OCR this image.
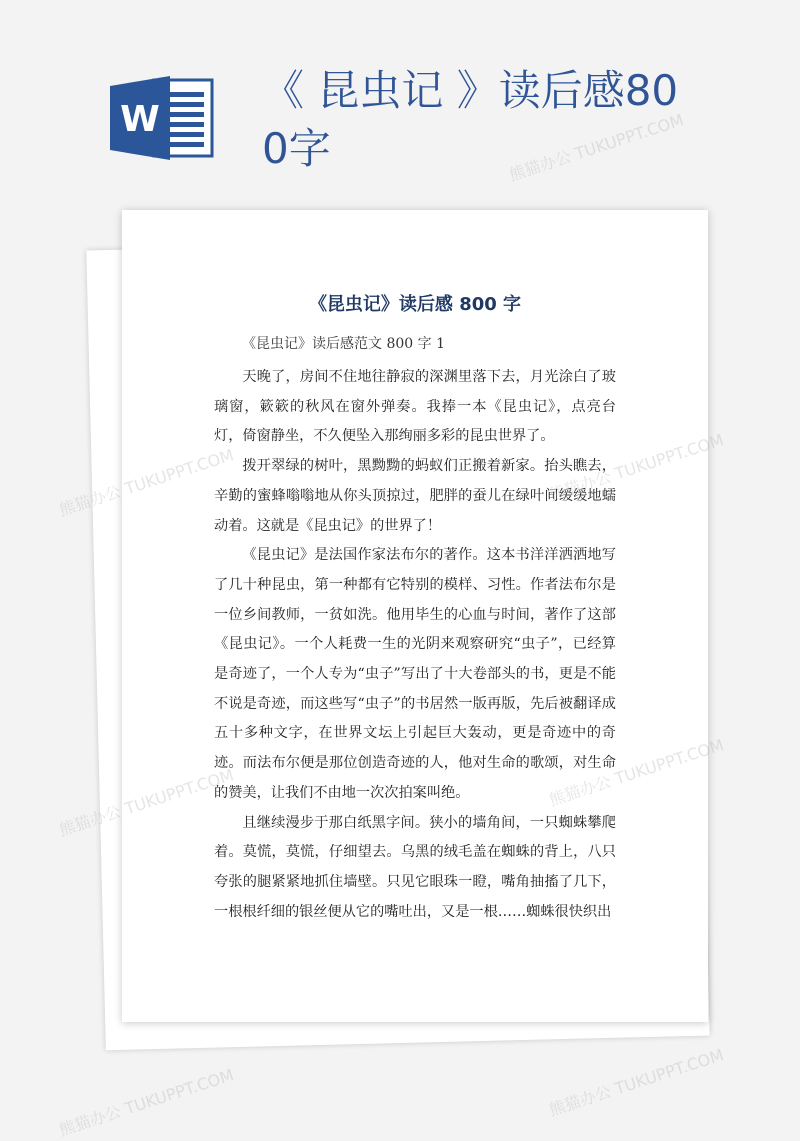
W
《 昆虫记 》读后感800字
《昆虫记》读后感 800 字
《昆虫记》读后感范文 800 字 1

天晚了，房间不住地往静寂的深渊里落下去，月光涂白了玻璃窗，簌簌的秋风在窗外弹奏。我捧一本《昆虫记》，点亮台灯，倚窗静坐，不久便坠入那绚丽多彩的昆虫世界了。

拨开翠绿的树叶，黑黝黝的蚂蚁们正搬着新家。抬头瞧去，辛勤的蜜蜂嗡嗡地从你头顶掠过，肥胖的蚕儿在绿叶间缓缓地蠕动着。这就是《昆虫记》的世界了！

《昆虫记》是法国作家法布尔的著作。这本书洋洋洒洒地写了几十种昆虫，第一种都有它特别的模样、习性。作者法布尔是一位乡间教师，一贫如洗。他用毕生的心血与时间，著作了这部《昆虫记》。一个人耗费一生的光阴来观察研究“虫子”，已经算是奇迹了，一个人专为“虫子”写出了十大卷部头的书，更是不能不说是奇迹，而这些写“虫子”的书居然一版再版，先后被翻译成五十多种文字，在世界文坛上引起巨大轰动，更是奇迹中的奇迹。而法布尔便是那位创造奇迹的人，他对生命的歌颂，对生命的赞美，让我们不由地一次次拍案叫绝。

且继续漫步于那白纸黑字间。狭小的墙角间，一只蜘蛛攀爬着。莫慌，莫慌，仔细望去。乌黑的绒毛盖在蜘蛛的背上，八只夸张的腿紧紧地抓住墙壁。只见它眼珠一瞪，嘴角抽搐了几下，一根根纤细的银丝便从它的嘴吐出，又是一根……蜘蛛很快织出

熊猫办公 TUKUPPT.COM
熊猫办公 TUKUPPT.COM	熊猫办公 TUKUPPT.COM
熊猫办公 TUKUPPT.COM	熊猫办公 TUKUPPT.COM
熊猫办公 TUKUPPT.COM	熊猫办公 TUKUPPT.COM
